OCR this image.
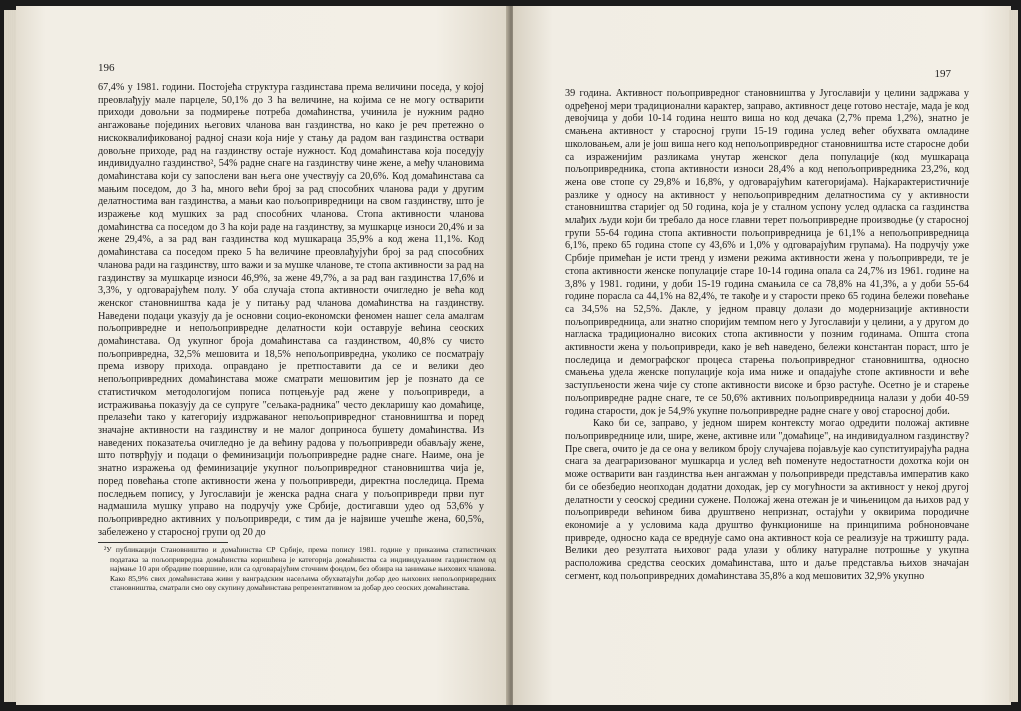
196

67,4% у 1981. години. Постојећа структура газдинстава према величини поседа, у којој преовлађују мале парцеле, 50,1% до 3 ha величине, на којима се не могу остварити приходи довољни за подмирење потреба домаћинства, учинила је нужним радно ангажовање појединих његових чланова ван газдинства, но како је реч претежно о нискоквалификованој радној снази која није у стању да радом ван газдинства оствари довољне приходе, рад на газдинству остаје нужност. Код домаћинстава која поседују индивидуално газдинство², 54% радне снаге на газдинству чине жене, а међу члановима домаћинстава који су запослени ван њега оне учествују са 20,6%. Код домаћинстава са мањим поседом, до 3 ha, много већи број за рад способних чланова ради у другим делатностима ван газдинства, а мањи као пољопривредници на свом газдинству, што је изражење код мушких за рад способних чланова. Стопа активности чланова домаћинства са поседом до 3 ha који раде на газдинству, за мушкарце износи 20,4% и за жене 29,4%, а за рад ван газдинства код мушкараца 35,9% а код жена 11,1%. Код домаћинстава са поседом преко 5 ha величине преовлађујући број за рад способних чланова ради на газдинству, што важи и за мушке чланове, те стопа активности за рад на газдинству за мушкарце износи 46,9%, за жене 49,7%, а за рад ван газдинства 17,6% и 3,3%, у одговарајућем полу. У оба случаја стопа активности очигледно је већа код женског становништва када је у питању рад чланова домаћинства на газдинству. Наведени подаци указују да је основни социо-економски феномен нашег села амалгам пољопривредне и непољопривредне делатности који оставрује већина сеоских домаћинстава. Од укупног броја домаћинстава са газдинством, 40,8% су чисто пољопривредна, 32,5% мешовита и 18,5% непољопривредна, уколико се посматрају према извору прихода. оправдано је претпоставити да се и велики део непољопривредних домаћинстава може сматрати мешовитим јер је познато да се статистичком методологијом пописа потцењује рад жене у пољопривреди, а истраживања показују да се супруге "сељака-радника" често декларишу као домаћице, прелазећи тако у категорију издржаваног непољопривредног становништва и поред значајне активности на газдинству и не малог доприноса бушету домаћинства. Из наведених показатеља очигледно је да већину радова у пољопривреди обављају жене, што потврђују и подаци о феминизацији пољопривредне радне снаге. Наиме, она је знатно изражења од феминизације укупног пољопривредног становништва чија је, поред повећања стопе активности жена у пољопривреди, директна последица. Према последњем попису, у Југославији је женска радна снага у пољопривреди први пут надмашила мушку управо на подручју уже Србије, достигавши удео од 53,6% у пољопривредно активних у пољопривреди, с тим да је највише учешће жена, 60,5%, забележено у старосној групи од 20 до

²У публикацији Становништво и домаћинства СР Србије, према попису 1981. године у приказима статистичких података за пољопривредна домаћинства коришћена је категорија домаћинства са индивидуалним газдинством од најмање 10 ари обрадиве површине, или са одговарајућим сточним фондом, без обзира на занимање њихових чланова. Како 85,9% свих домаћинстава живи у ванградским насељима обухватајући добар део њихових непољопривредних становништва, сматрали смо ову скупину домаћинстава репрезентативном за добар део сеоских домаћинстава.

197

39 година. Активност пољопривредног становништва у Југославији у целини задржава у одређеној мери традиционални карактер, заправо, активност деце готово нестаје, мада је код девојчица у доби 10-14 година нешто виша но код дечака (2,7% према 1,2%), знатно је смањена активност у старосној групи 15-19 година услед већег обухвата омладине школовањем, али је још виша него код непољопривредног становништва исте старосне доби са израженијим разликама унутар женског дела популације (код мушкараца пољопривредника, стопа активности износи 28,4% а код непољопривредника 23,2%, код жена ове стопе су 29,8% и 16,8%, у одговарајућим категоријама). Најкарактеристичније разлике у односу на активност у непољопривредним делатностима су у активности становништва старијег од 50 година, која је у сталном успону услед одласка са газдинства млађих људи који би требало да носе главни терет пољопривредне производње (у старосној групи 55-64 година стопа активности пољопривредница је 61,1% а непољопривредница 6,1%, преко 65 година стопе су 43,6% и 1,0% у одговарајућим групама). На подручју уже Србије примећан је исти тренд у измени режима активности жена у пољопривреди, те је стопа активности женске популације старе 10-14 година опала са 24,7% из 1961. године на 3,8% у 1981. години, у доби 15-19 година смањила се са 78,8% на 41,3%, а у доби 55-64 године порасла са 44,1% на 82,4%, те такође и у старости преко 65 година бележи повећање са 34,5% на 52,5%. Дакле, у једном правцу долази до модернизације активности пољопривредница, али знатно споријим темпом него у Југославији у целини, а у другом до нагласка традиционално високих стопа активности у позним годинама. Општа стопа активности жена у пољопривреди, како је већ наведено, бележи константан пораст, што је последица и демографског процеса старења пољопривредног становништва, односно смањења удела женске популације која има ниже и опадајуће стопе активности и веће заступљености жена чије су стопе активности високе и брзо растуће. Осетно је и старење пољопривредне радне снаге, те се 50,6% активних пољопривредница налази у доби 40-59 година старости, док је 54,9% укупне пољопривредне радне снаге у овој старосној доби.

Како би се, заправо, у једном ширем контексту могао одредити положај активне пољопривреднице или, шире, жене, активне или "домаћице", на индивидуалном газдинству? Пре свега, очито је да се она у великом броју случајева појављује као супституирајућа радна снага за деаграризованог мушкарца и услед већ поменуте недостатности дохотка који он може остварити ван газдинства њен ангажман у пољопривреди представља императив како би се обезбедио неопходан додатни доходак, јер су могућности за активност у некој другој делатности у сеоској средини сужене. Положај жена отежан је и чињеницом да њихов рад у пољопривреди већином бива друштвено непризнат, остајући у оквирима породичне економије а у условима када друштво функционише на принципима робноновчане привреде, односно када се вреднује само она активност која се реализује на тржишту рада. Велики део резултата њиховог рада улази у облику натуралне потрошње у укупна расположива средства сеоских домаћинстава, што и даље представља њихов значајан сегмент, код пољопривредних домаћинстава 35,8% а код мешовитих 32,9% укупно
